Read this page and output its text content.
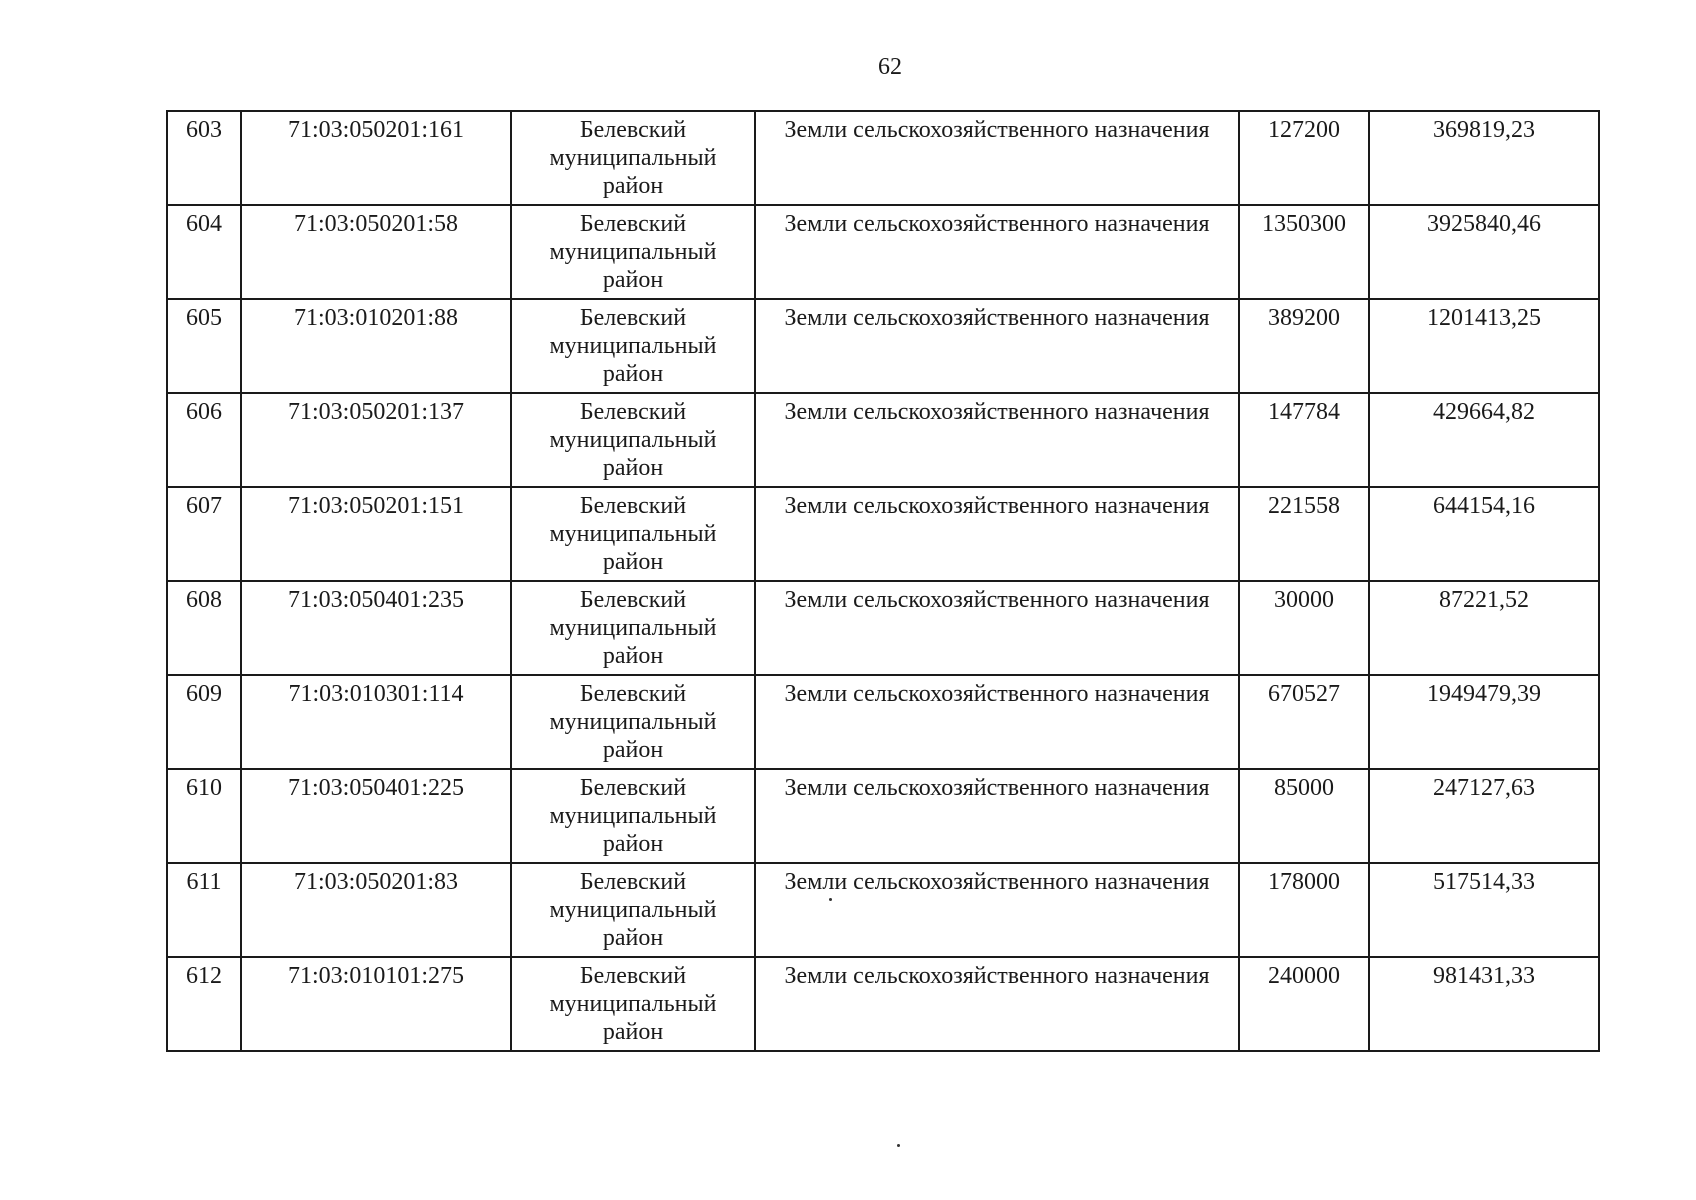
62
603	71:03:050201:161	Белевский муниципальный район	Земли сельскохозяйственного назначения	127200	369819,23
604	71:03:050201:58	Белевский муниципальный район	Земли сельскохозяйственного назначения	1350300	3925840,46
605	71:03:010201:88	Белевский муниципальный район	Земли сельскохозяйственного назначения	389200	1201413,25
606	71:03:050201:137	Белевский муниципальный район	Земли сельскохозяйственного назначения	147784	429664,82
607	71:03:050201:151	Белевский муниципальный район	Земли сельскохозяйственного назначения	221558	644154,16
608	71:03:050401:235	Белевский муниципальный район	Земли сельскохозяйственного назначения	30000	87221,52
609	71:03:010301:114	Белевский муниципальный район	Земли сельскохозяйственного назначения	670527	1949479,39
610	71:03:050401:225	Белевский муниципальный район	Земли сельскохозяйственного назначения	85000	247127,63
611	71:03:050201:83	Белевский муниципальный район	Земли сельскохозяйственного назначения	178000	517514,33
612	71:03:010101:275	Белевский муниципальный район	Земли сельскохозяйственного назначения	240000	981431,33
